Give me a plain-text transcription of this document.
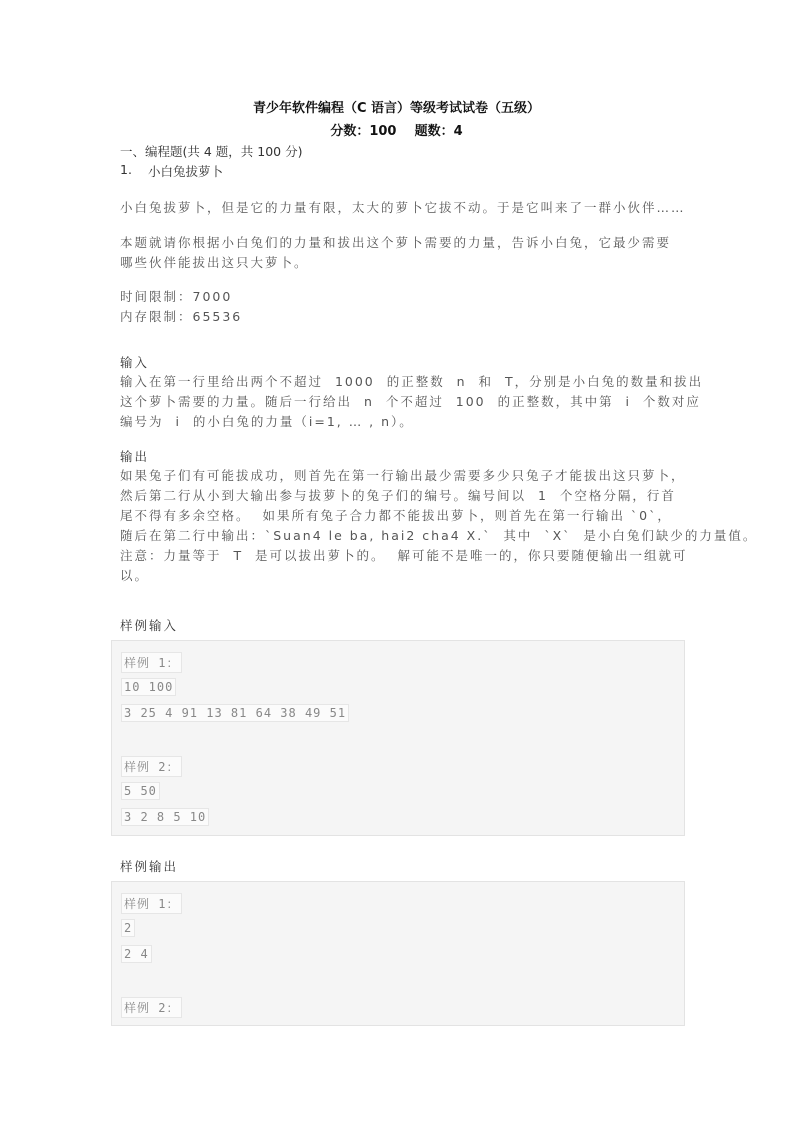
青少年软件编程（C 语言）等级考试试卷（五级）
分数：100    题数：4
一、编程题(共 4 题，共 100 分)
1. 小白兔拔萝卜

小白兔拔萝卜，但是它的力量有限，太大的萝卜它拔不动。于是它叫来了一群小伙伴……

本题就请你根据小白兔们的力量和拔出这个萝卜需要的力量，告诉小白兔，它最少需要

哪些伙伴能拔出这只大萝卜。

时间限制：7000

内存限制：65536

输入

输入在第一行里给出两个不超过  1000  的正整数  n  和  T，分别是小白兔的数量和拔出

这个萝卜需要的力量。随后一行给出  n  个不超过  100  的正整数，其中第  i  个数对应

编号为  i  的小白兔的力量（i=1, … , n）。

输出

如果兔子们有可能拔成功，则首先在第一行输出最少需要多少只兔子才能拔出这只萝卜，

然后第二行从小到大输出参与拔萝卜的兔子们的编号。编号间以  1  个空格分隔，行首

尾不得有多余空格。  如果所有兔子合力都不能拔出萝卜，则首先在第一行输出 `0`，

随后在第二行中输出：`Suan4 le ba, hai2 cha4 X.`  其中  `X`  是小白兔们缺少的力量值。

注意：力量等于  T  是可以拔出萝卜的。  解可能不是唯一的，你只要随便输出一组就可

以。

样例输入
样例 1：
10 100
3 25 4 91 13 81 64 38 49 51
样例 2：
5 50
3 2 8 5 10
样例输出
样例 1：
2
2 4
样例 2：
